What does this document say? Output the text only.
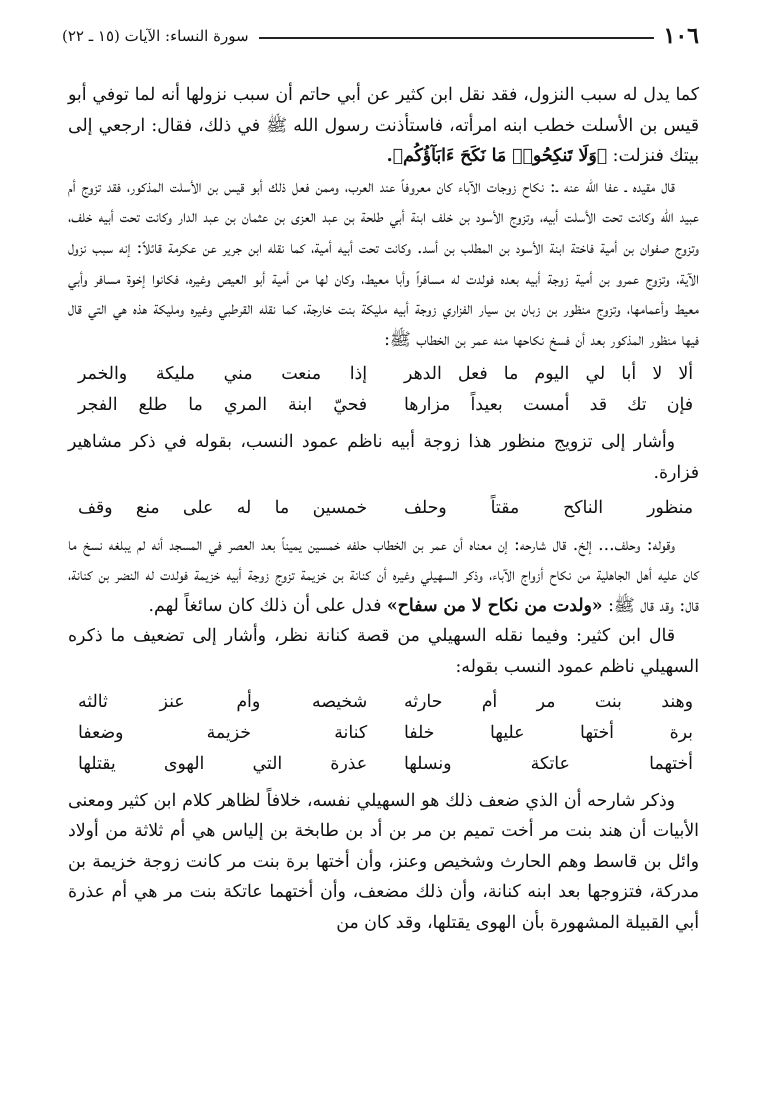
١٠٦
سورة النساء: الآيات (١٥ ـ ٢٢)

كما يدل له سبب النزول، فقد نقل ابن كثير عن أبي حاتم أن سبب نزولها أنه لما توفي أبو قيس بن الأسلت خطب ابنه امرأته، فاستأذنت رسول الله ﷺ في ذلك، فقال: ارجعي إلى بيتك فنزلت: ﴿وَلَا تَنكِحُوا۟ مَا نَكَحَ ءَابَآؤُكُم﴾.

قال مقيده ـ عفا الله عنه ـ: نكاح زوجات الآباء كان معروفاً عند العرب، وممن فعل ذلك أبو قيس بن الأسلت المذكور، فقد تزوج أم عبيد الله وكانت تحت الأسلت أبيه، وتزوج الأسود بن خلف ابنة أبي طلحة بن عبد العزى بن عثمان بن عبد الدار وكانت تحت أبيه خلف، وتزوج صفوان بن أمية فاختة ابنة الأسود بن المطلب بن أسد. وكانت تحت أبيه أمية، كما نقله ابن جرير عن عكرمة قائلاً: إنه سبب نزول الآية، وتزوج عمرو بن أمية زوجة أبيه بعده فولدت له مسافراً وأبا معيط، وكان لها من أمية أبو العيص وغيره، فكانوا إخوة مسافر وأبي معيط وأعمامها، وتزوج منظور بن زبان بن سيار الفزاري زوجة أبيه مليكة بنت خارجة، كما نقله القرطبي وغيره ومليكة هذه هي التي قال فيها منظور المذكور بعد أن فسخ نكاحها منه عمر بن الخطاب ﷺ:

ألا لا أبا لي اليوم ما فعل الدهر
إذا منعت مني مليكة والخمر
فإن تك قد أمست بعيداً مزارها
فحيّ ابنة المري ما طلع الفجر

وأشار إلى تزويج منظور هذا زوجة أبيه ناظم عمود النسب، بقوله في ذكر مشاهير فزارة.

منظور الناكح مقتاً وحلف
خمسين ما له على منع وقف

وقوله: وحلف... إلخ. قال شارحه: إن معناه أن عمر بن الخطاب حلفه خمسين يميناً بعد العصر في المسجد أنه لم يبلغه نسخ ما كان عليه أهل الجاهلية من نكاح أزواج الآباء، وذكر السهيلي وغيره أن كنانة بن خزيمة تزوج زوجة أبيه خزيمة فولدت له النضر بن كنانة، قال: وقد قال ﷺ: «ولدت من نكاح لا من سفاح» فدل على أن ذلك كان سائغاً لهم.

قال ابن كثير: وفيما نقله السهيلي من قصة كنانة نظر، وأشار إلى تضعيف ما ذكره السهيلي ناظم عمود النسب بقوله:

وهند بنت مر أم حارثه
شخيصه وأم عنز ثالثه
برة أختها عليها خلفا
كنانة خزيمة وضعفا
أختهما عاتكة ونسلها
عذرة التي الهوى يقتلها

وذكر شارحه أن الذي ضعف ذلك هو السهيلي نفسه، خلافاً لظاهر كلام ابن كثير ومعنى الأبيات أن هند بنت مر أخت تميم بن مر بن أد بن طابخة بن إلياس هي أم ثلاثة من أولاد وائل بن قاسط وهم الحارث وشخيص وعنز، وأن أختها برة بنت مر كانت زوجة خزيمة بن مدركة، فتزوجها بعد ابنه كنانة، وأن ذلك مضعف، وأن أختهما عاتكة بنت مر هي أم عذرة أبي القبيلة المشهورة بأن الهوى يقتلها، وقد كان من
